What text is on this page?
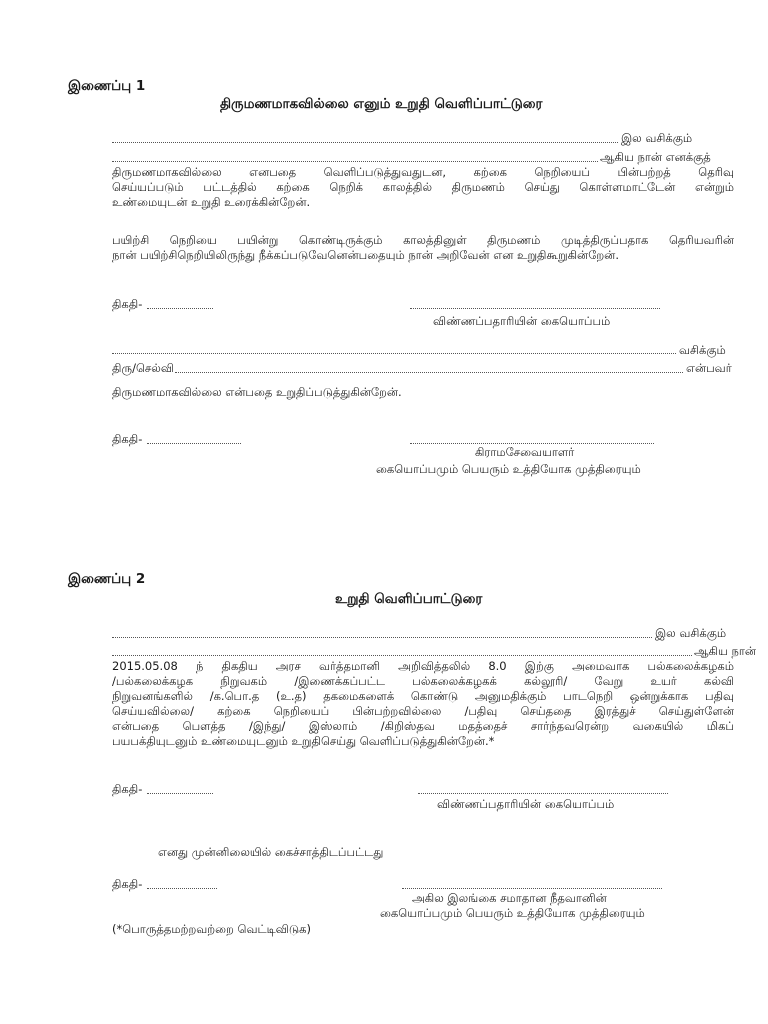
இணைப்பு 1
திருமணமாகவில்லை எனும் உறுதி வெளிப்பாட்டுரை
இல வசிக்கும்
ஆகிய நான் எனக்குத்
திருமணமாகவில்லை எனபதை வெளிப்படுத்துவதுடன, கற்கை நெறியைப் பின்பற்றத் தெரிவு
செய்யப்படும் பட்டத்தில் கற்கை நெறிக் காலத்தில் திருமணம் செய்து கொள்ளமாட்டேன் என்றும்
உண்மையுடன் உறுதி உரைக்கின்றேன்.
பயிற்சி நெறியை பயின்று கொண்டிருக்கும் காலத்தினுள் திருமணம் முடித்திருப்பதாக தெரியவரின்
நான் பயிற்சிநெறியிலிருந்து நீக்கப்படுவேனென்பதையும் நான் அறிவேன் என உறுதிகூறுகின்றேன்.
திகதி-
விண்ணப்பதாரியின் கையொப்பம்
வசிக்கும்
திரு/செல்வி	என்பவர்
திருமணமாகவில்லை என்பதை உறுதிப்படுத்துகின்றேன்.
திகதி-
கிராமசேவையாளர்
கையொப்பமும் பெயரும் உத்தியோக முத்திரையும்
இணைப்பு 2
உறுதி வெளிப்பாட்டுரை
இல வசிக்கும்
ஆகிய நான்
2015.05.08 ந் திகதிய அரச வர்த்தமானி அறிவித்தலில் 8.0 இற்கு அமைவாக பல்கலைக்கழகம்
/பல்கலைக்கழக நிறுவகம் /இணைக்கப்பட்ட பல்கலைக்கழகக் கல்லூரி/ வேறு உயர் கல்வி
நிறுவனங்களில் /க.பொ.த (உ.த) தகமைகளைக் கொண்டு அனுமதிக்கும் பாடநெறி ஒன்றுக்காக பதிவு
செய்யவில்லை/ கற்கை நெறியைப் பின்பற்றவில்லை /பதிவு செய்ததை இரத்துச் செய்துள்ளேன்
என்பதை பௌத்த /இந்து/ இஸ்லாம் /கிறிஸ்தவ மதத்தைச் சார்ந்தவரென்ற வகையில் மிகப்
பயபக்தியுடனும் உண்மையுடனும் உறுதிசெய்து வெளிப்படுத்துகின்றேன்.*
திகதி-
விண்ணப்பதாரியின் கையொப்பம்
எனது முன்னிலையில் கைச்சாத்திடப்பட்டது
திகதி-
அகில இலங்கை சமாதான நீதவானின்
கையொப்பமும் பெயரும் உத்தியோக முத்திரையும்
(*பொருத்தமற்றவற்றை வெட்டிவிடுக)
